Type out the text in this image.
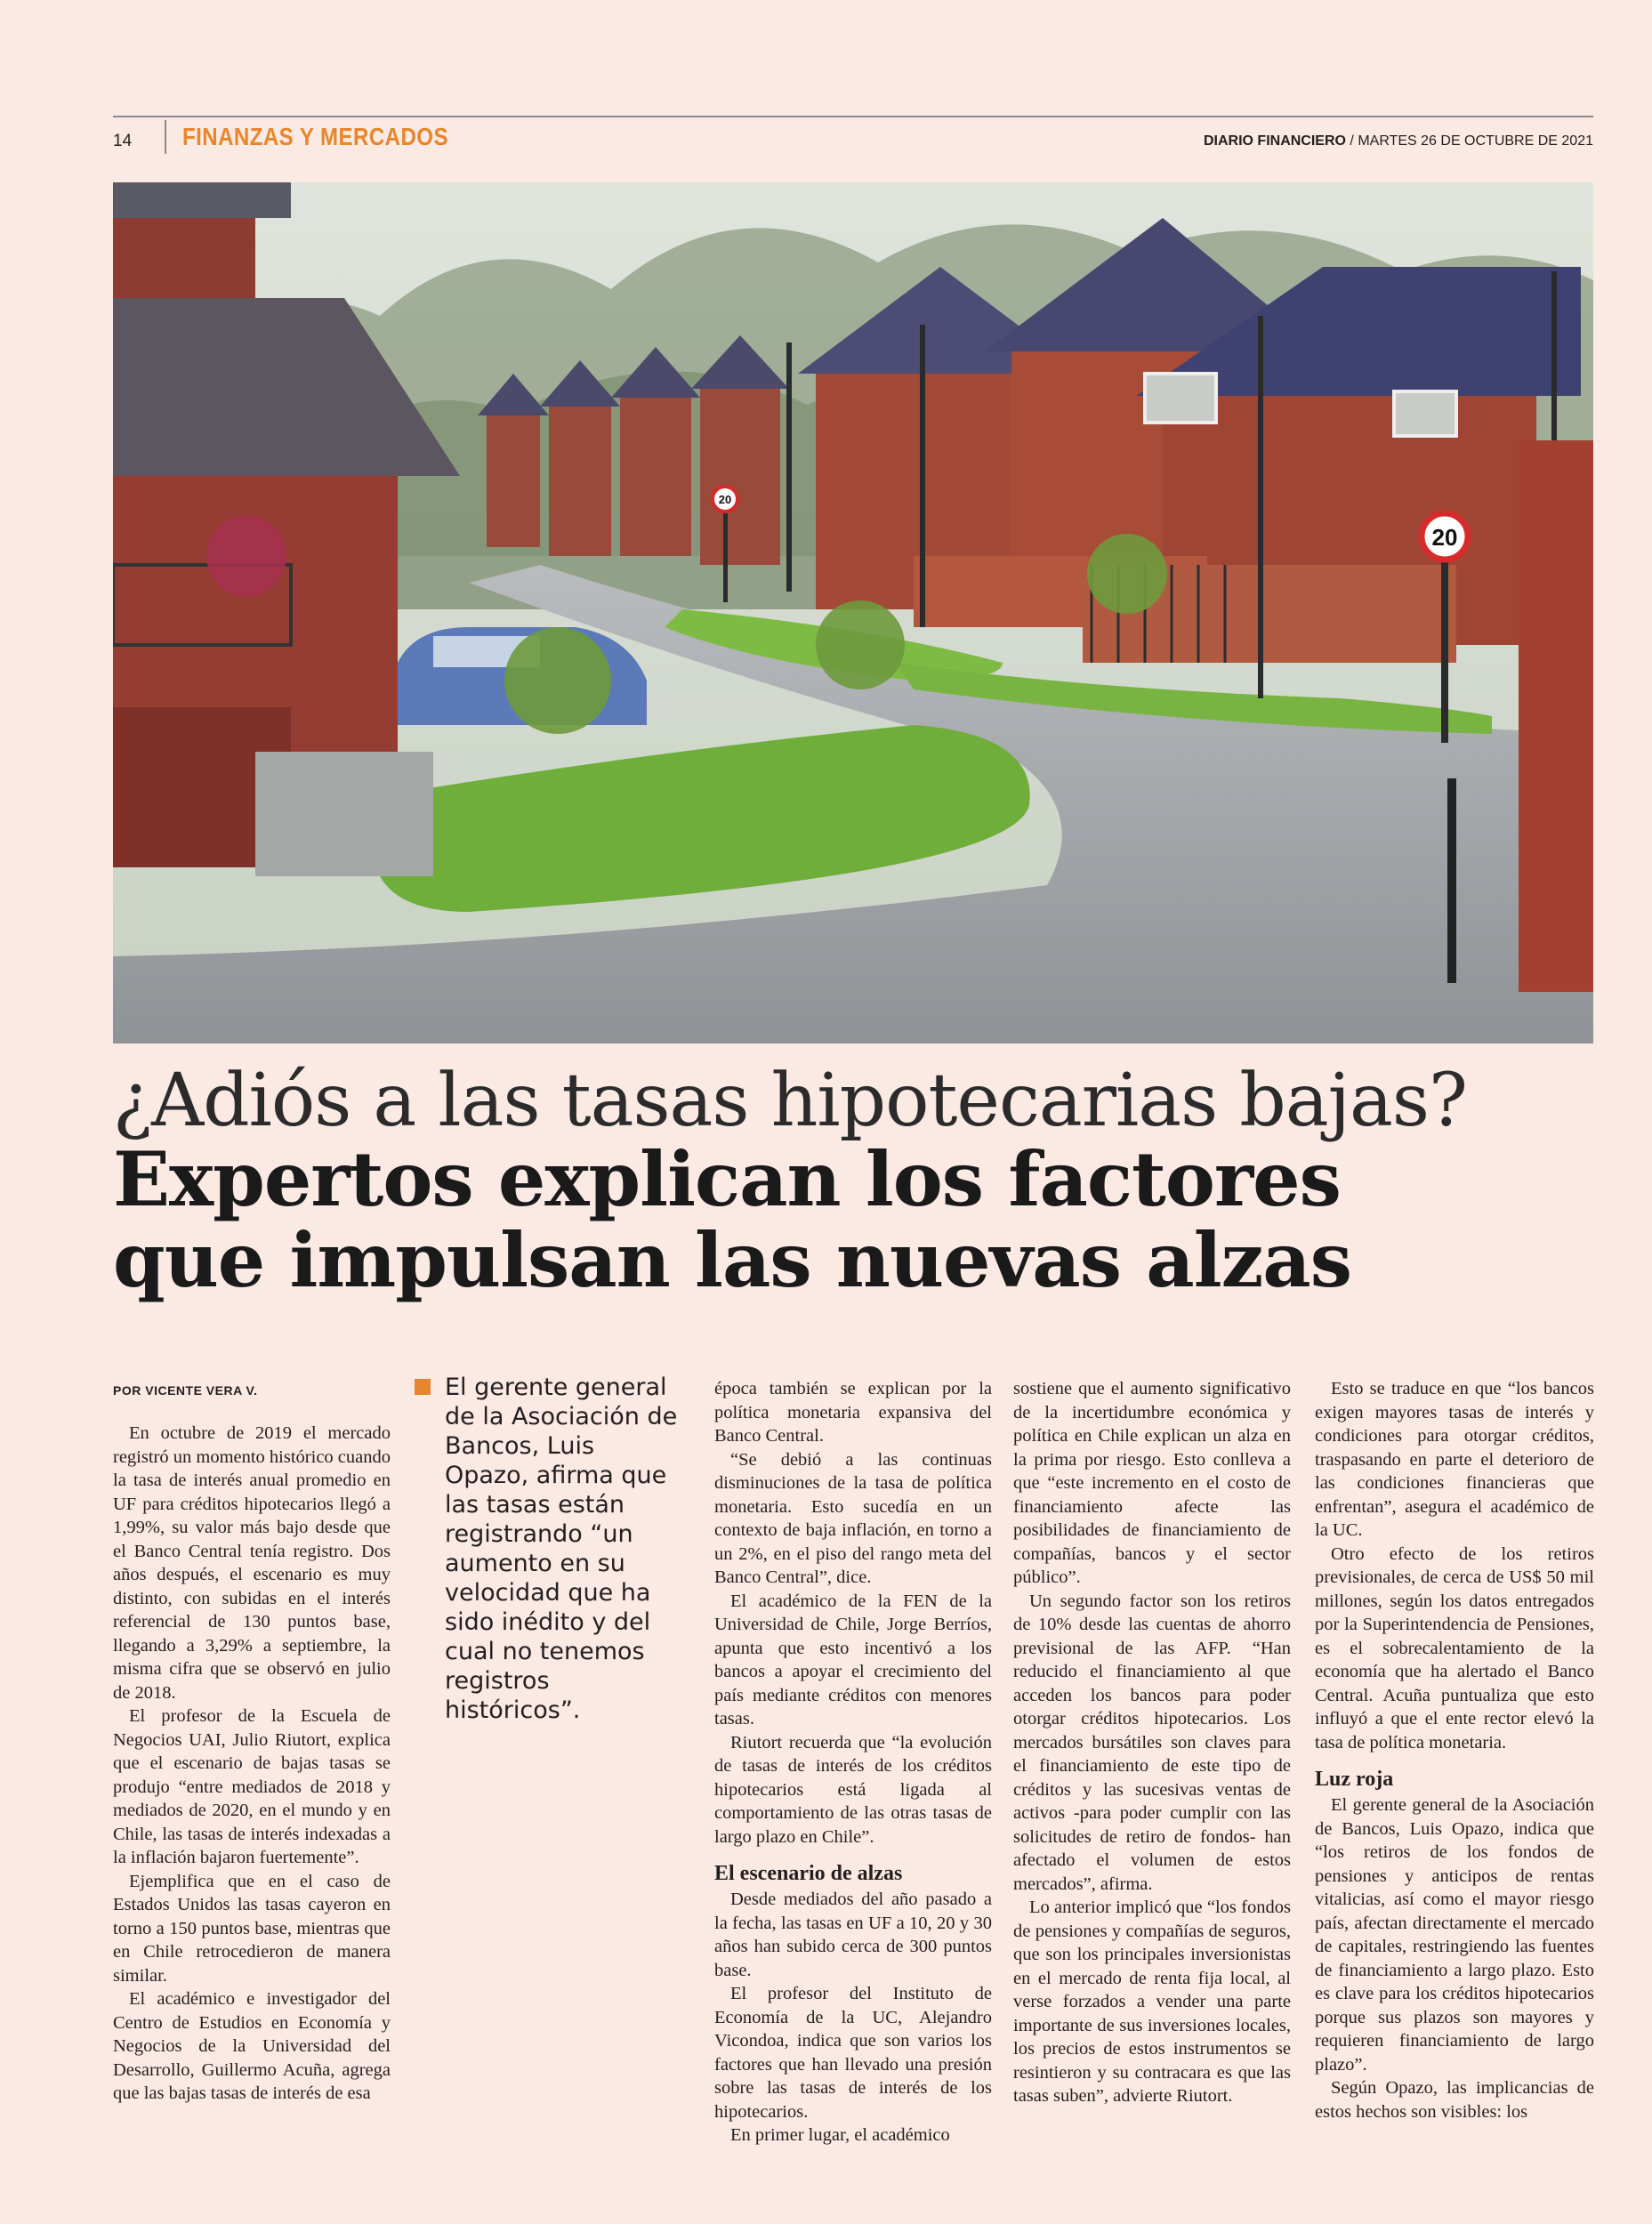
14 FINANZAS Y MERCADOS	DIARIO FINANCIERO / MARTES 26 DE OCTUBRE DE 2021
20
20
¿Adiós a las tasas hipotecarias bajas?
Expertos explican los factores
que impulsan las nuevas alzas
POR VICENTE VERA V.

En octubre de 2019 el mercado registró un momento histórico cuando la tasa de interés anual promedio en UF para créditos hipotecarios llegó a 1,99%, su valor más bajo desde que el Banco Central tenía registro. Dos años después, el escenario es muy distinto, con subidas en el interés referencial de 130 puntos base, llegando a 3,29% a septiembre, la misma cifra que se observó en julio de 2018.

El profesor de la Escuela de Negocios UAI, Julio Riutort, explica que el escenario de bajas tasas se produjo “entre mediados de 2018 y mediados de 2020, en el mundo y en Chile, las tasas de interés indexadas a la inflación bajaron fuertemente”.

Ejemplifica que en el caso de Estados Unidos las tasas cayeron en torno a 150 puntos base, mientras que en Chile retrocedieron de manera similar.

El académico e investigador del Centro de Estudios en Economía y Negocios de la Universidad del Desarrollo, Guillermo Acuña, agrega que las bajas tasas de interés de esa

El gerente general de la Asociación de Bancos, Luis Opazo, afirma que las tasas están registrando “un aumento en su velocidad que ha sido inédito y del cual no tenemos registros históricos”.

época también se explican por la política monetaria expansiva del Banco Central.

“Se debió a las continuas disminuciones de la tasa de política monetaria. Esto sucedía en un contexto de baja inflación, en torno a un 2%, en el piso del rango meta del Banco Central”, dice.

El académico de la FEN de la Universidad de Chile, Jorge Berríos, apunta que esto incentivó a los bancos a apoyar el crecimiento del país mediante créditos con menores tasas.

Riutort recuerda que “la evolución de tasas de interés de los créditos hipotecarios está ligada al comportamiento de las otras tasas de largo plazo en Chile”.

El escenario de alzas

Desde mediados del año pasado a la fecha, las tasas en UF a 10, 20 y 30 años han subido cerca de 300 puntos base.

El profesor del Instituto de Economía de la UC, Alejandro Vicondoa, indica que son varios los factores que han llevado una presión sobre las tasas de interés de los hipotecarios.

En primer lugar, el académico

sostiene que el aumento significativo de la incertidumbre económica y política en Chile explican un alza en la prima por riesgo. Esto conlleva a que “este incremento en el costo de financiamiento afecte las posibilidades de financiamiento de compañías, bancos y el sector público”.

Un segundo factor son los retiros de 10% desde las cuentas de ahorro previsional de las AFP. “Han reducido el financiamiento al que acceden los bancos para poder otorgar créditos hipotecarios. Los mercados bursátiles son claves para el financiamiento de este tipo de créditos y las sucesivas ventas de activos -para poder cumplir con las solicitudes de retiro de fondos- han afectado el volumen de estos mercados”, afirma.

Lo anterior implicó que “los fondos de pensiones y compañías de seguros, que son los principales inversionistas en el mercado de renta fija local, al verse forzados a vender una parte importante de sus inversiones locales, los precios de estos instrumentos se resintieron y su contracara es que las tasas suben”, advierte Riutort.

Esto se traduce en que “los bancos exigen mayores tasas de interés y condiciones para otorgar créditos, traspasando en parte el deterioro de las condiciones financieras que enfrentan”, asegura el académico de la UC.

Otro efecto de los retiros previsionales, de cerca de US$ 50 mil millones, según los datos entregados por la Superintendencia de Pensiones, es el sobrecalentamiento de la economía que ha alertado el Banco Central. Acuña puntualiza que esto influyó a que el ente rector elevó la tasa de política monetaria.

Luz roja

El gerente general de la Asociación de Bancos, Luis Opazo, indica que “los retiros de los fondos de pensiones y anticipos de rentas vitalicias, así como el mayor riesgo país, afectan directamente el mercado de capitales, restringiendo las fuentes de financiamiento a largo plazo. Esto es clave para los créditos hipotecarios porque sus plazos son mayores y requieren financiamiento de largo plazo”.

Según Opazo, las implicancias de estos hechos son visibles: los
